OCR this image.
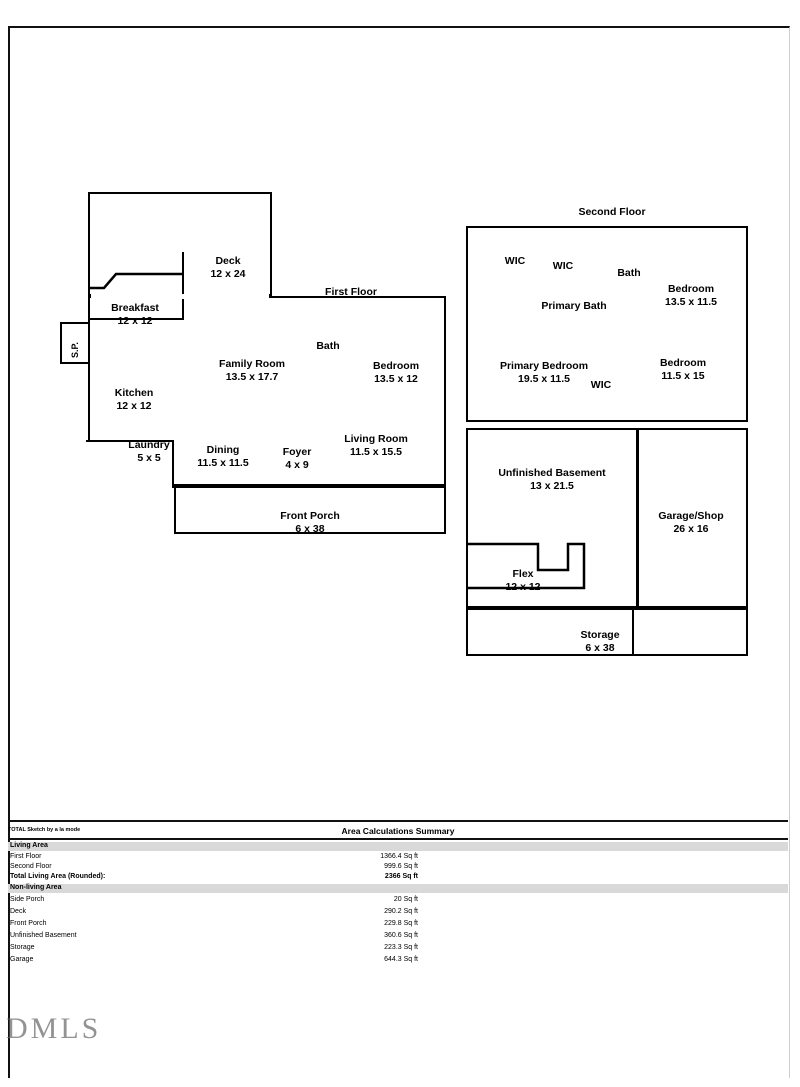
First Floor

Deck

12 x 24

Breakfast

12 x 12

Kitchen

12 x 12

Family Room

13.5 x 17.7

Bath

Bedroom

13.5 x 12

Laundry

5 x 5

Dining

11.5 x 11.5

Foyer

4 x 9

Living Room

11.5 x 15.5

Front Porch

6 x 38

S.P.
Second Floor

WIC	WIC

Bath

Bedroom

13.5 x 11.5

Primary Bath

Primary Bedroom

19.5 x 11.5

WIC

Bedroom

11.5 x 15

Unfinished Basement

13 x 21.5

Garage/Shop

26 x 16

Flex

12 x 12

Storage

6 x 38

TOTAL Sketch by a la mode	Area Calculations Summary
Living Area
First Floor	1366.4 Sq ft
Second Floor	999.6 Sq ft
Total Living Area (Rounded):	2366 Sq ft
Non-living Area
Side Porch	20 Sq ft
Deck	290.2 Sq ft
Front Porch	229.8 Sq ft
Unfinished Basement	360.6 Sq ft
Storage	223.3 Sq ft
Garage	644.3 Sq ft
DMLS
